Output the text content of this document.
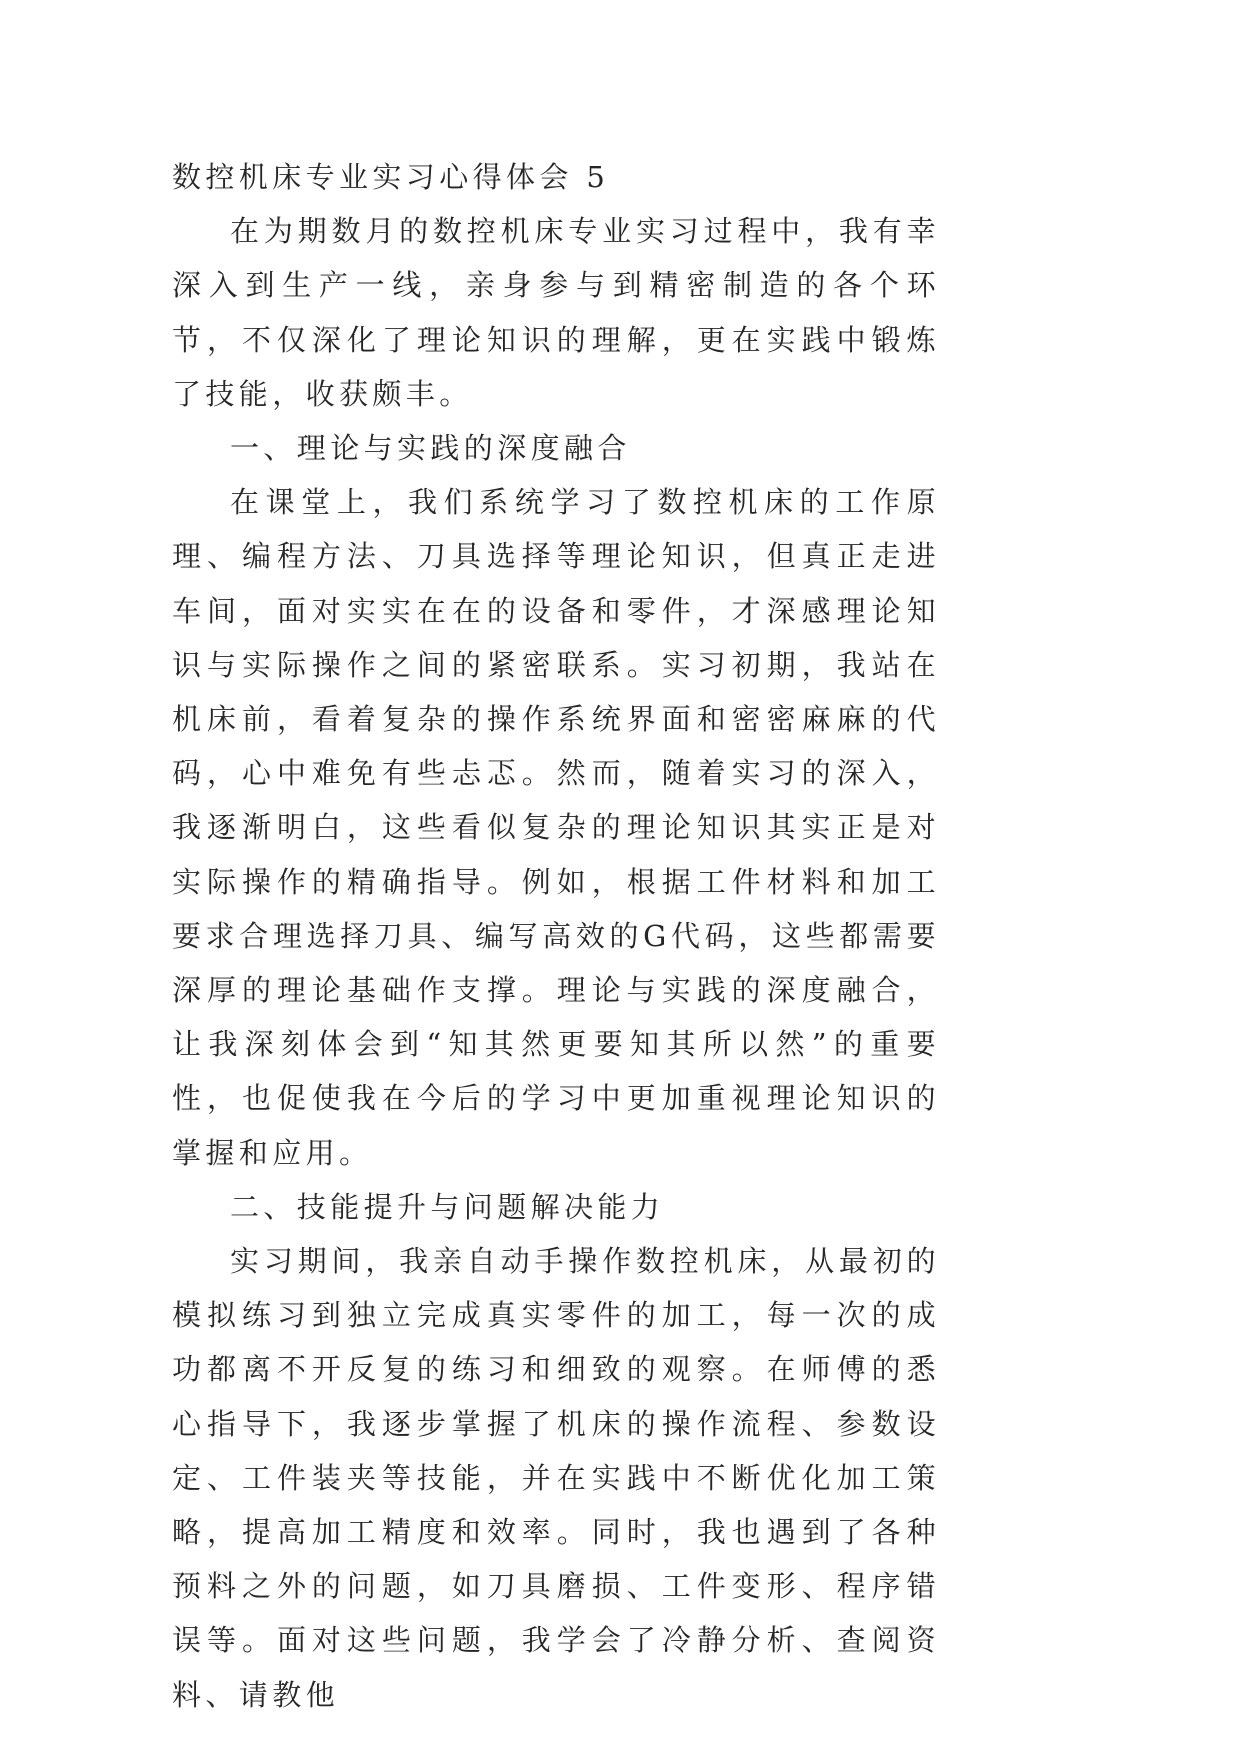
数控机床专业实习心得体会 5

在为期数月的数控机床专业实习过程中，我有幸深入到生产一线，亲身参与到精密制造的各个环节，不仅深化了理论知识的理解，更在实践中锻炼了技能，收获颇丰。

一、理论与实践的深度融合

在课堂上，我们系统学习了数控机床的工作原理、编程方法、刀具选择等理论知识，但真正走进车间，面对实实在在的设备和零件，才深感理论知识与实际操作之间的紧密联系。实习初期，我站在机床前，看着复杂的操作系统界面和密密麻麻的代码，心中难免有些忐忑。然而，随着实习的深入，我逐渐明白，这些看似复杂的理论知识其实正是对实际操作的精确指导。例如，根据工件材料和加工要求合理选择刀具、编写高效的G代码，这些都需要深厚的理论基础作支撑。理论与实践的深度融合，让我深刻体会到“知其然更要知其所以然”的重要性，也促使我在今后的学习中更加重视理论知识的掌握和应用。

二、技能提升与问题解决能力

实习期间，我亲自动手操作数控机床，从最初的模拟练习到独立完成真实零件的加工，每一次的成功都离不开反复的练习和细致的观察。在师傅的悉心指导下，我逐步掌握了机床的操作流程、参数设定、工件装夹等技能，并在实践中不断优化加工策略，提高加工精度和效率。同时，我也遇到了各种预料之外的问题，如刀具磨损、工件变形、程序错误等。面对这些问题，我学会了冷静分析、查阅资料、请教他
